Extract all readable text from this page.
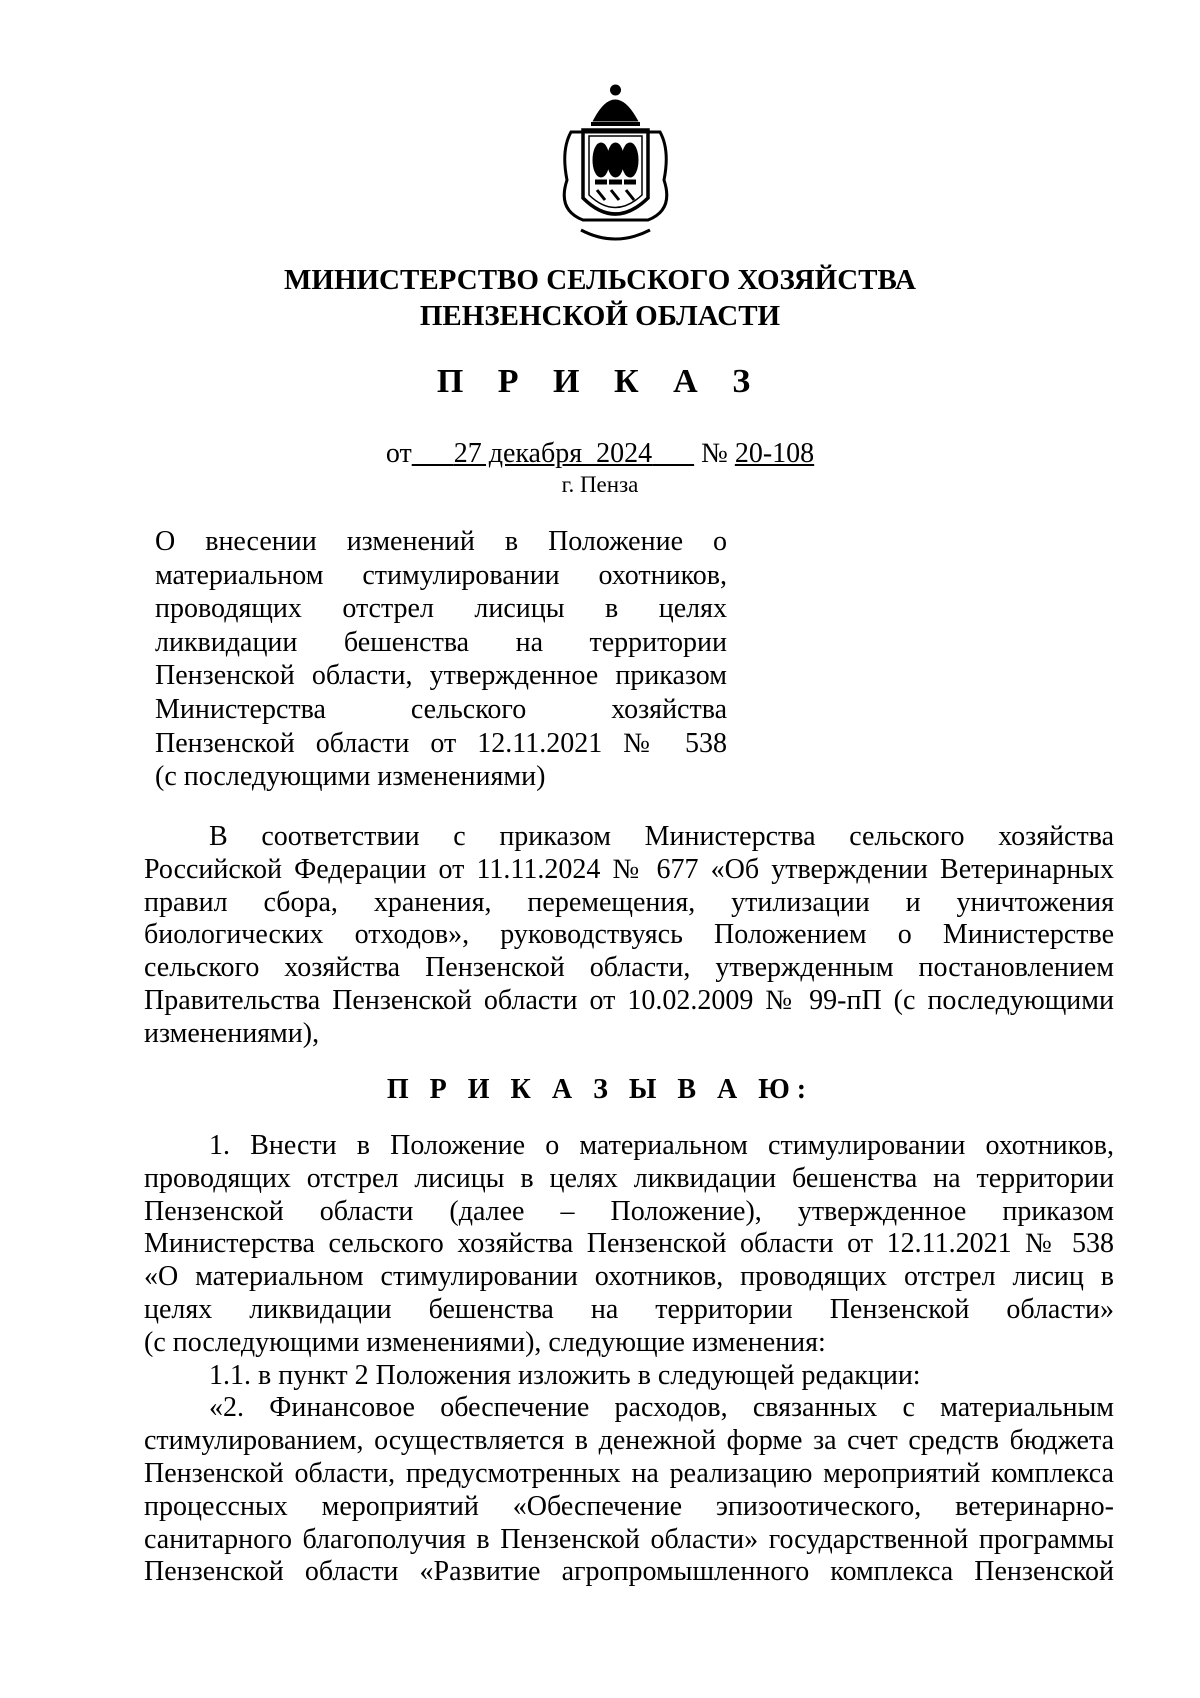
МИНИСТЕРСТВО СЕЛЬСКОГО ХОЗЯЙСТВА
ПЕНЗЕНСКОЙ ОБЛАСТИ
П Р И К А З
от 27 декабря  2024 № 20-108
г. Пенза
О внесении изменений в Положение о
материальном стимулировании охотников,
проводящих отстрел лисицы в целях
ликвидации бешенства на территории
Пензенской области, утвержденное приказом
Министерства сельского хозяйства
Пензенской области от 12.11.2021 № 538
(с последующими изменениями)
В соответствии с приказом Министерства сельского хозяйства
Российской Федерации от 11.11.2024 № 677 «Об утверждении Ветеринарных
правил сбора, хранения, перемещения, утилизации и уничтожения
биологических отходов», руководствуясь Положением о Министерстве
сельского хозяйства Пензенской области, утвержденным постановлением
Правительства Пензенской области от 10.02.2009 № 99-пП (с последующими
изменениями),
П Р И К А З Ы В А Ю:
1. Внести в Положение о материальном стимулировании охотников,
проводящих отстрел лисицы в целях ликвидации бешенства на территории
Пензенской области (далее – Положение), утвержденное приказом
Министерства сельского хозяйства Пензенской области от 12.11.2021 № 538
«О материальном стимулировании охотников, проводящих отстрел лисиц в
целях ликвидации бешенства на территории Пензенской области»
(с последующими изменениями), следующие изменения:
1.1. в пункт 2 Положения изложить в следующей редакции:
«2. Финансовое обеспечение расходов, связанных с материальным
стимулированием, осуществляется в денежной форме за счет средств бюджета
Пензенской области, предусмотренных на реализацию мероприятий комплекса
процессных мероприятий «Обеспечение эпизоотического, ветеринарно-
санитарного благополучия в Пензенской области» государственной программы
Пензенской области «Развитие агропромышленного комплекса Пензенской
